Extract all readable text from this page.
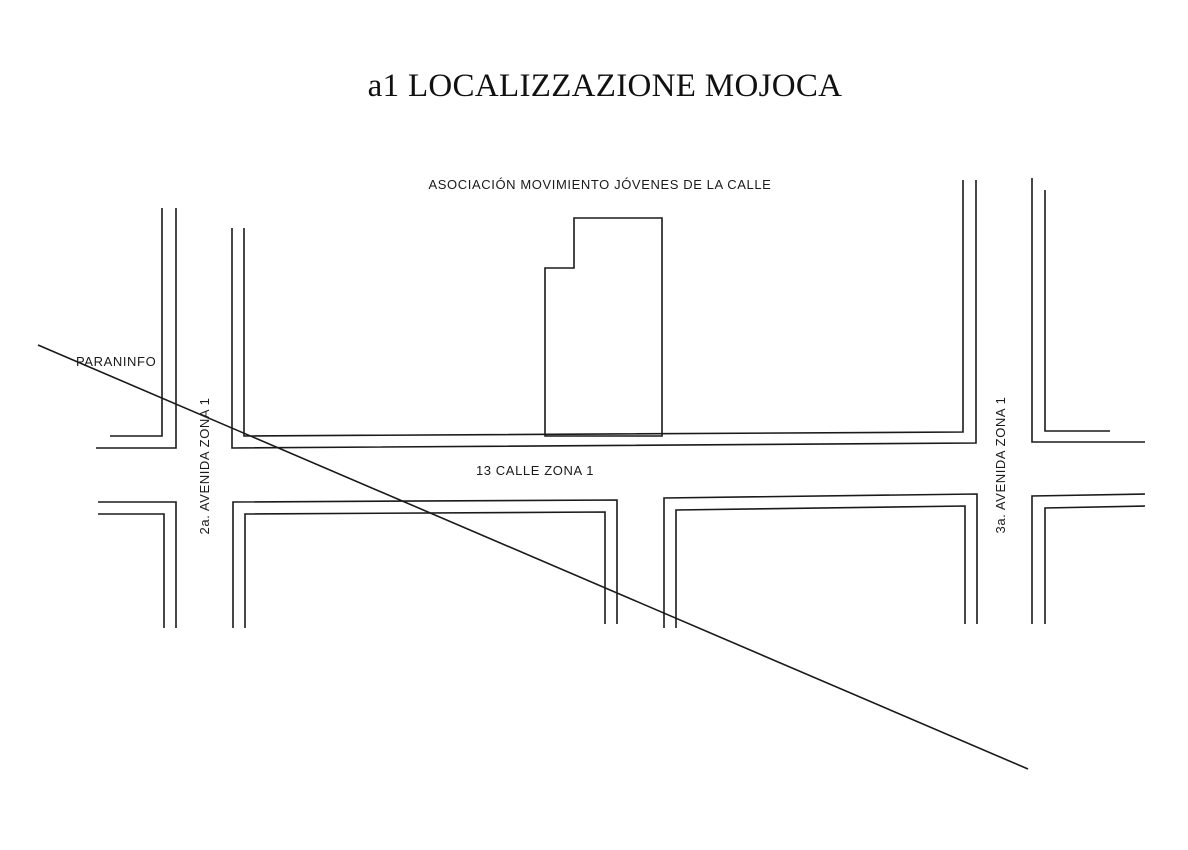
a1 LOCALIZZAZIONE MOJOCA
ASOCIACIÓN MOVIMIENTO JÓVENES DE LA CALLE
PARANINFO
13 CALLE ZONA 1
2a. AVENIDA ZONA 1	3a. AVENIDA ZONA 1
